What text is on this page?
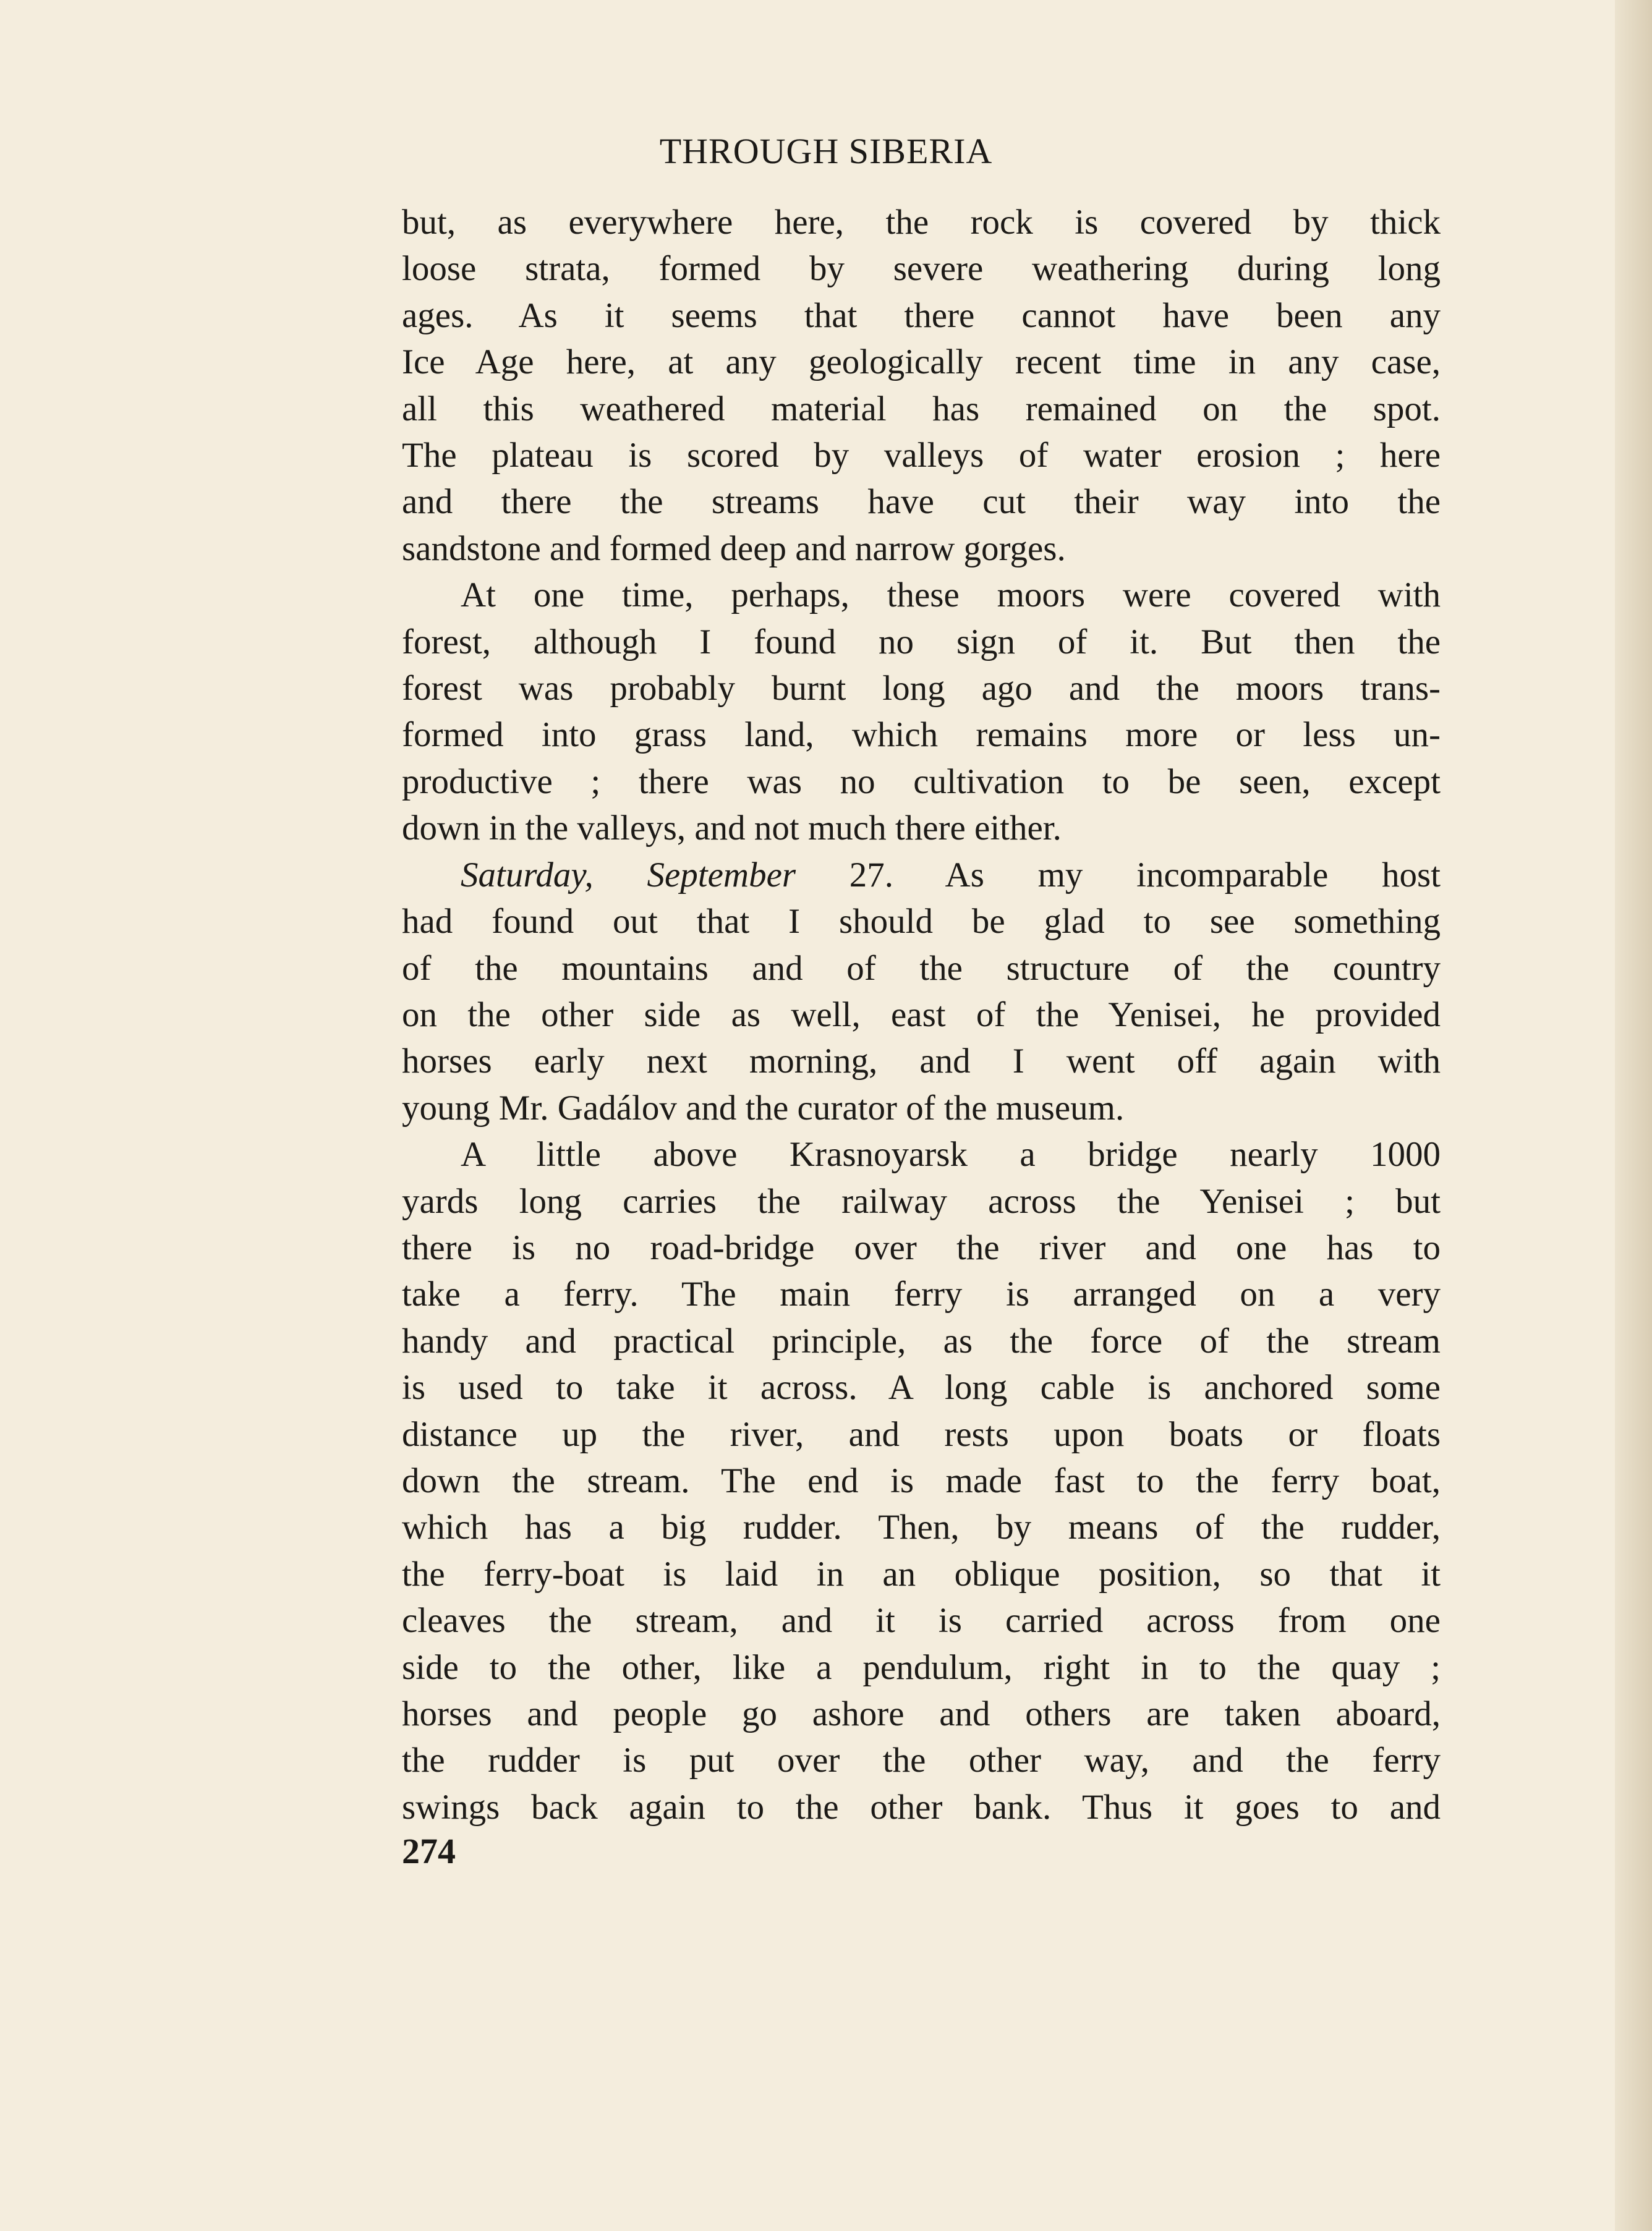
THROUGH SIBERIA

but, as everywhere here, the rock is covered by thick
loose strata, formed by severe weathering during long
ages. As it seems that there cannot have been any
Ice Age here, at any geologically recent time in any case,
all this weathered material has remained on the spot.
The plateau is scored by valleys of water erosion ; here
and there the streams have cut their way into the
sandstone and formed deep and narrow gorges.

At one time, perhaps, these moors were covered with
forest, although I found no sign of it. But then the
forest was probably burnt long ago and the moors trans-
formed into grass land, which remains more or less un-
productive ; there was no cultivation to be seen, except
down in the valleys, and not much there either.

Saturday, September 27. As my incomparable host
had found out that I should be glad to see something
of the mountains and of the structure of the country
on the other side as well, east of the Yenisei, he provided
horses early next morning, and I went off again with
young Mr. Gadálov and the curator of the museum.

A little above Krasnoyarsk a bridge nearly 1000
yards long carries the railway across the Yenisei ; but
there is no road-bridge over the river and one has to
take a ferry. The main ferry is arranged on a very
handy and practical principle, as the force of the stream
is used to take it across. A long cable is anchored some
distance up the river, and rests upon boats or floats
down the stream. The end is made fast to the ferry boat,
which has a big rudder. Then, by means of the rudder,
the ferry-boat is laid in an oblique position, so that it
cleaves the stream, and it is carried across from one
side to the other, like a pendulum, right in to the quay ;
horses and people go ashore and others are taken aboard,
the rudder is put over the other way, and the ferry
swings back again to the other bank. Thus it goes to and

274
